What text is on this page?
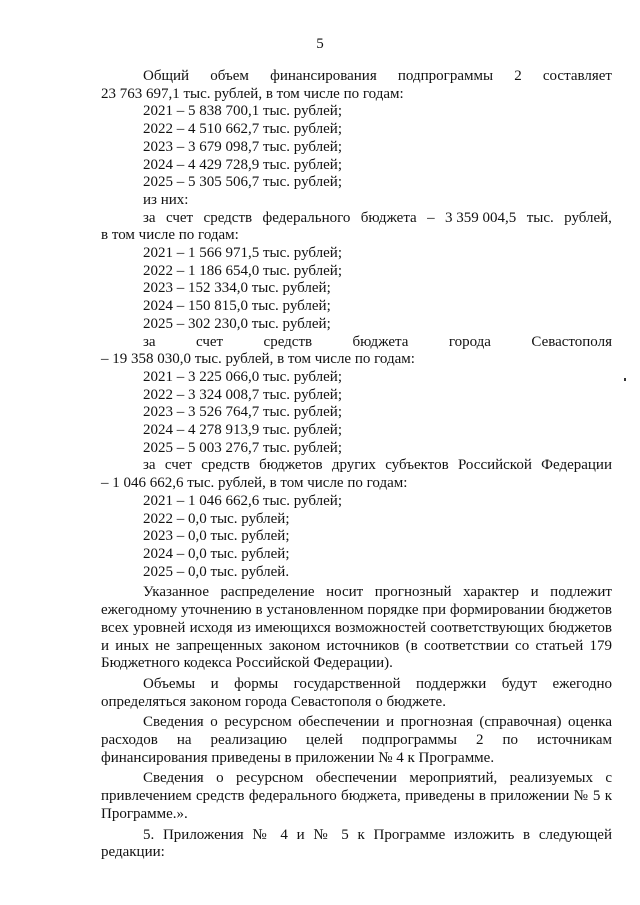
5
Общий объем финансирования подпрограммы 2 составляет

23 763 697,1 тыс. рублей, в том числе по годам:

2021 – 5 838 700,1 тыс. рублей;

2022 – 4 510 662,7 тыс. рублей;

2023 – 3 679 098,7 тыс. рублей;

2024 – 4 429 728,9 тыс. рублей;

2025 – 5 305 506,7 тыс. рублей;

из них:

за счет средств федерального бюджета – 3 359 004,5 тыс. рублей,

в том числе по годам:

2021 – 1 566 971,5 тыс. рублей;

2022 – 1 186 654,0 тыс. рублей;

2023 – 152 334,0 тыс. рублей;

2024 – 150 815,0 тыс. рублей;

2025 – 302 230,0 тыс. рублей;

за	счет	средств	бюджета	города	Севастополя

– 19 358 030,0 тыс. рублей, в том числе по годам:

2021 – 3 225 066,0 тыс. рублей;

2022 – 3 324 008,7 тыс. рублей;

2023 – 3 526 764,7 тыс. рублей;

2024 – 4 278 913,9 тыс. рублей;

2025 – 5 003 276,7 тыс. рублей;

за счет средств бюджетов других субъектов Российской Федерации

– 1 046 662,6 тыс. рублей, в том числе по годам:

2021 – 1 046 662,6 тыс. рублей;

2022 – 0,0 тыс. рублей;

2023 – 0,0 тыс. рублей;

2024 – 0,0 тыс. рублей;

2025 – 0,0 тыс. рублей.

Указанное распределение носит прогнозный характер и подлежит ежегодному уточнению в установленном порядке при формировании бюджетов всех уровней исходя из имеющихся возможностей соответствующих бюджетов и иных не запрещенных законом источников (в соответствии со статьей 179 Бюджетного кодекса Российской Федерации).

Объемы и формы государственной поддержки будут ежегодно определяться законом города Севастополя о бюджете.

Сведения о ресурсном обеспечении и прогнозная (справочная) оценка расходов на реализацию целей подпрограммы 2 по источникам финансирования приведены в приложении № 4 к Программе.

Сведения о ресурсном обеспечении мероприятий, реализуемых с привлечением средств федерального бюджета, приведены в приложении № 5 к Программе.».

5. Приложения № 4 и № 5 к Программе изложить в следующей редакции:
